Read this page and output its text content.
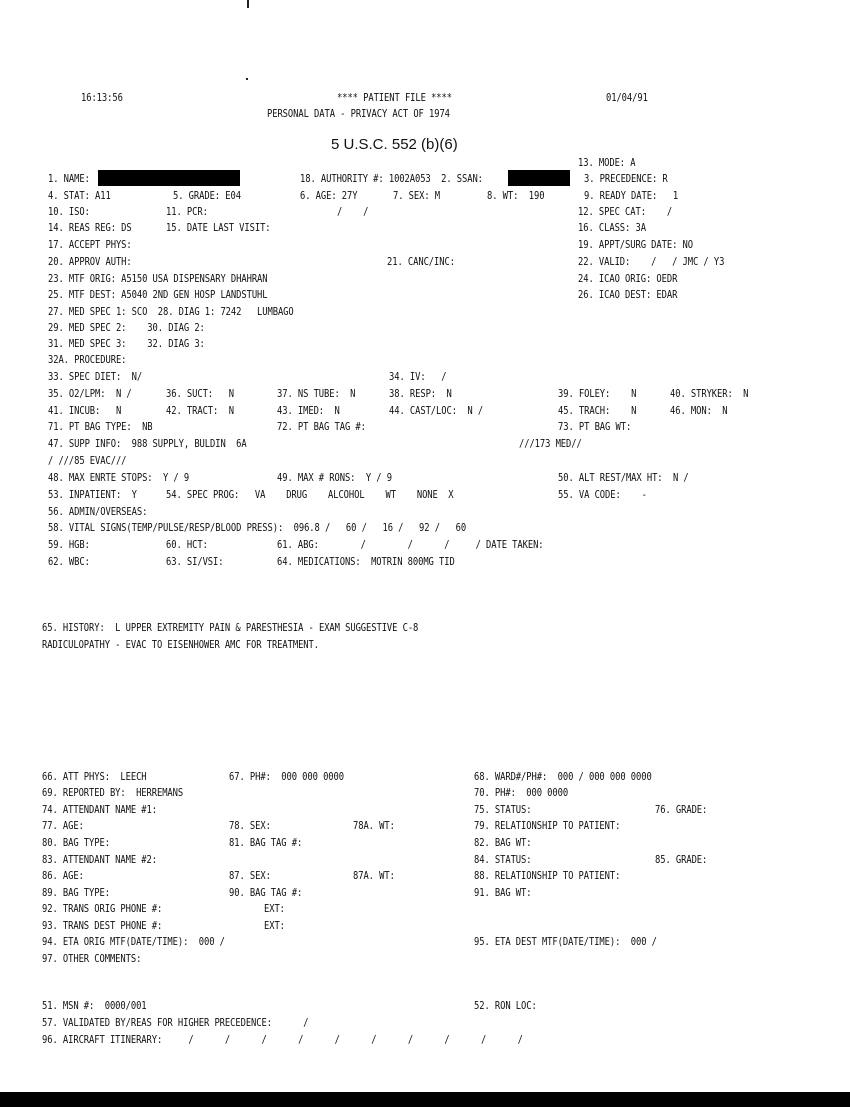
16:13:56	**** PATIENT FILE ****	01/04/91
PERSONAL DATA - PRIVACY ACT OF 1974
5 U.S.C. 552 (b)(6)
13. MODE: A
1. NAME:	18. AUTHORITY #: 1002A053  2. SSAN:	3. PRECEDENCE: R
4. STAT: A11	5. GRADE: E04	6. AGE: 27Y	7. SEX: M	8. WT:  190	9. READY DATE:   1
10. ISO:	11. PCR:	/    /	12. SPEC CAT:    /
14. REAS REG: DS	15. DATE LAST VISIT:	16. CLASS: 3A
17. ACCEPT PHYS:	19. APPT/SURG DATE: NO
20. APPROV AUTH:	21. CANC/INC:	22. VALID:    /   / JMC / Y3
23. MTF ORIG: A5150 USA DISPENSARY DHAHRAN	24. ICAO ORIG: OEDR
25. MTF DEST: A5040 2ND GEN HOSP LANDSTUHL	26. ICAO DEST: EDAR
27. MED SPEC 1: SCO  28. DIAG 1: 7242   LUMBAGO
29. MED SPEC 2:    30. DIAG 2:
31. MED SPEC 3:    32. DIAG 3:
32A. PROCEDURE:
33. SPEC DIET:  N/	34. IV:   /
35. O2/LPM:  N /	36. SUCT:   N	37. NS TUBE:  N	38. RESP:  N	39. FOLEY:    N	40. STRYKER:  N
41. INCUB:   N	42. TRACT:  N	43. IMED:  N	44. CAST/LOC:  N /	45. TRACH:    N	46. MON:  N
71. PT BAG TYPE:  NB	72. PT BAG TAG #:	73. PT BAG WT:
47. SUPP INFO:  988 SUPPLY, BULDIN  6A	///173 MED//
/ ///85 EVAC///
48. MAX ENRTE STOPS:  Y / 9	49. MAX # RONS:  Y / 9	50. ALT REST/MAX HT:  N /
53. INPATIENT:  Y	54. SPEC PROG:   VA    DRUG    ALCOHOL    WT    NONE  X	55. VA CODE:    -
56. ADMIN/OVERSEAS:
58. VITAL SIGNS(TEMP/PULSE/RESP/BLOOD PRESS):  096.8 /   60 /   16 /   92 /   60
59. HGB:	60. HCT:	61. ABG:        /        /      /     / DATE TAKEN:
62. WBC:	63. SI/VSI:	64. MEDICATIONS:  MOTRIN 800MG TID
65. HISTORY:  L UPPER EXTREMITY PAIN & PARESTHESIA - EXAM SUGGESTIVE C-8
RADICULOPATHY - EVAC TO EISENHOWER AMC FOR TREATMENT.
66. ATT PHYS:  LEECH	67. PH#:  000 000 0000	68. WARD#/PH#:  000 / 000 000 0000
69. REPORTED BY:  HERREMANS	70. PH#:  000 0000
74. ATTENDANT NAME #1:	75. STATUS:	76. GRADE:
77. AGE:	78. SEX:	78A. WT:	79. RELATIONSHIP TO PATIENT:
80. BAG TYPE:	81. BAG TAG #:	82. BAG WT:
83. ATTENDANT NAME #2:	84. STATUS:	85. GRADE:
86. AGE:	87. SEX:	87A. WT:	88. RELATIONSHIP TO PATIENT:
89. BAG TYPE:	90. BAG TAG #:	91. BAG WT:
92. TRANS ORIG PHONE #:	EXT:
93. TRANS DEST PHONE #:	EXT:
94. ETA ORIG MTF(DATE/TIME):  000 /	95. ETA DEST MTF(DATE/TIME):  000 /
97. OTHER COMMENTS:
51. MSN #:  0000/001	52. RON LOC:
57. VALIDATED BY/REAS FOR HIGHER PRECEDENCE:      /
96. AIRCRAFT ITINERARY:     /      /      /      /      /      /      /      /      /      /
